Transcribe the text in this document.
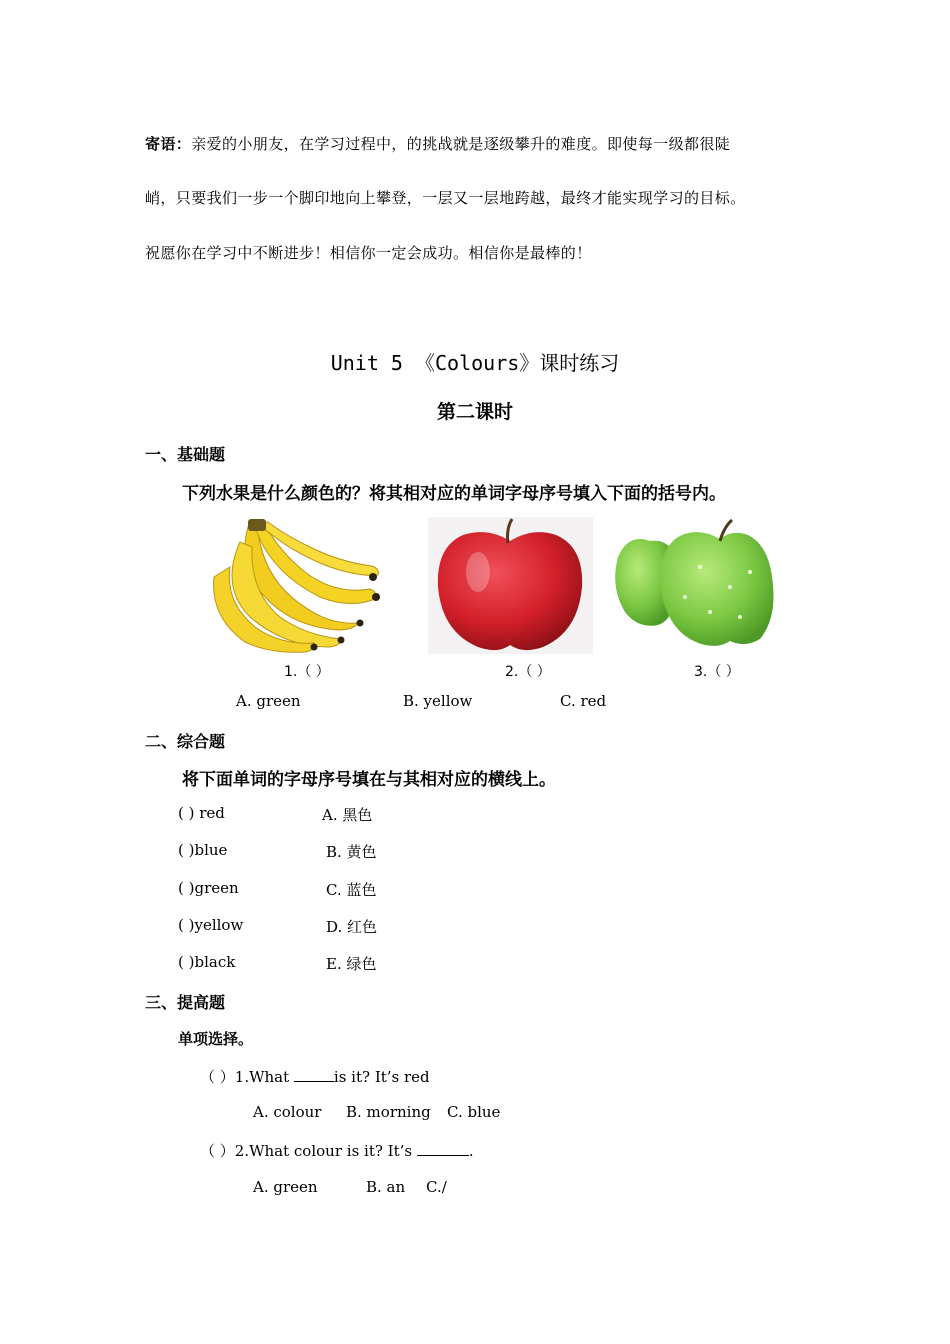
寄语：亲爱的小朋友，在学习过程中，的挑战就是逐级攀升的难度。即使每一级都很陡
峭，只要我们一步一个脚印地向上攀登，一层又一层地跨越，最终才能实现学习的目标。
祝愿你在学习中不断进步！相信你一定会成功。相信你是最棒的！
Unit 5 《Colours》课时练习
第二课时
一、基础题
下列水果是什么颜色的？将其相对应的单词字母序号填入下面的括号内。
1.（ ）	2.（ ）	3.（ ）
A. green	B. yellow	C. red
二、综合题
将下面单词的字母序号填在与其相对应的横线上。
( ) red	A. 黑色
( )blue	B. 黄色
( )green	C. 蓝色
( )yellow	D. 红色
( )black	E. 绿色
三、提高题
单项选择。
（ ）1.What	is it? It’s red
A. colour B. morning C. blue
（ ）2.What colour is it? It’s	.
A. green	B. an C./
